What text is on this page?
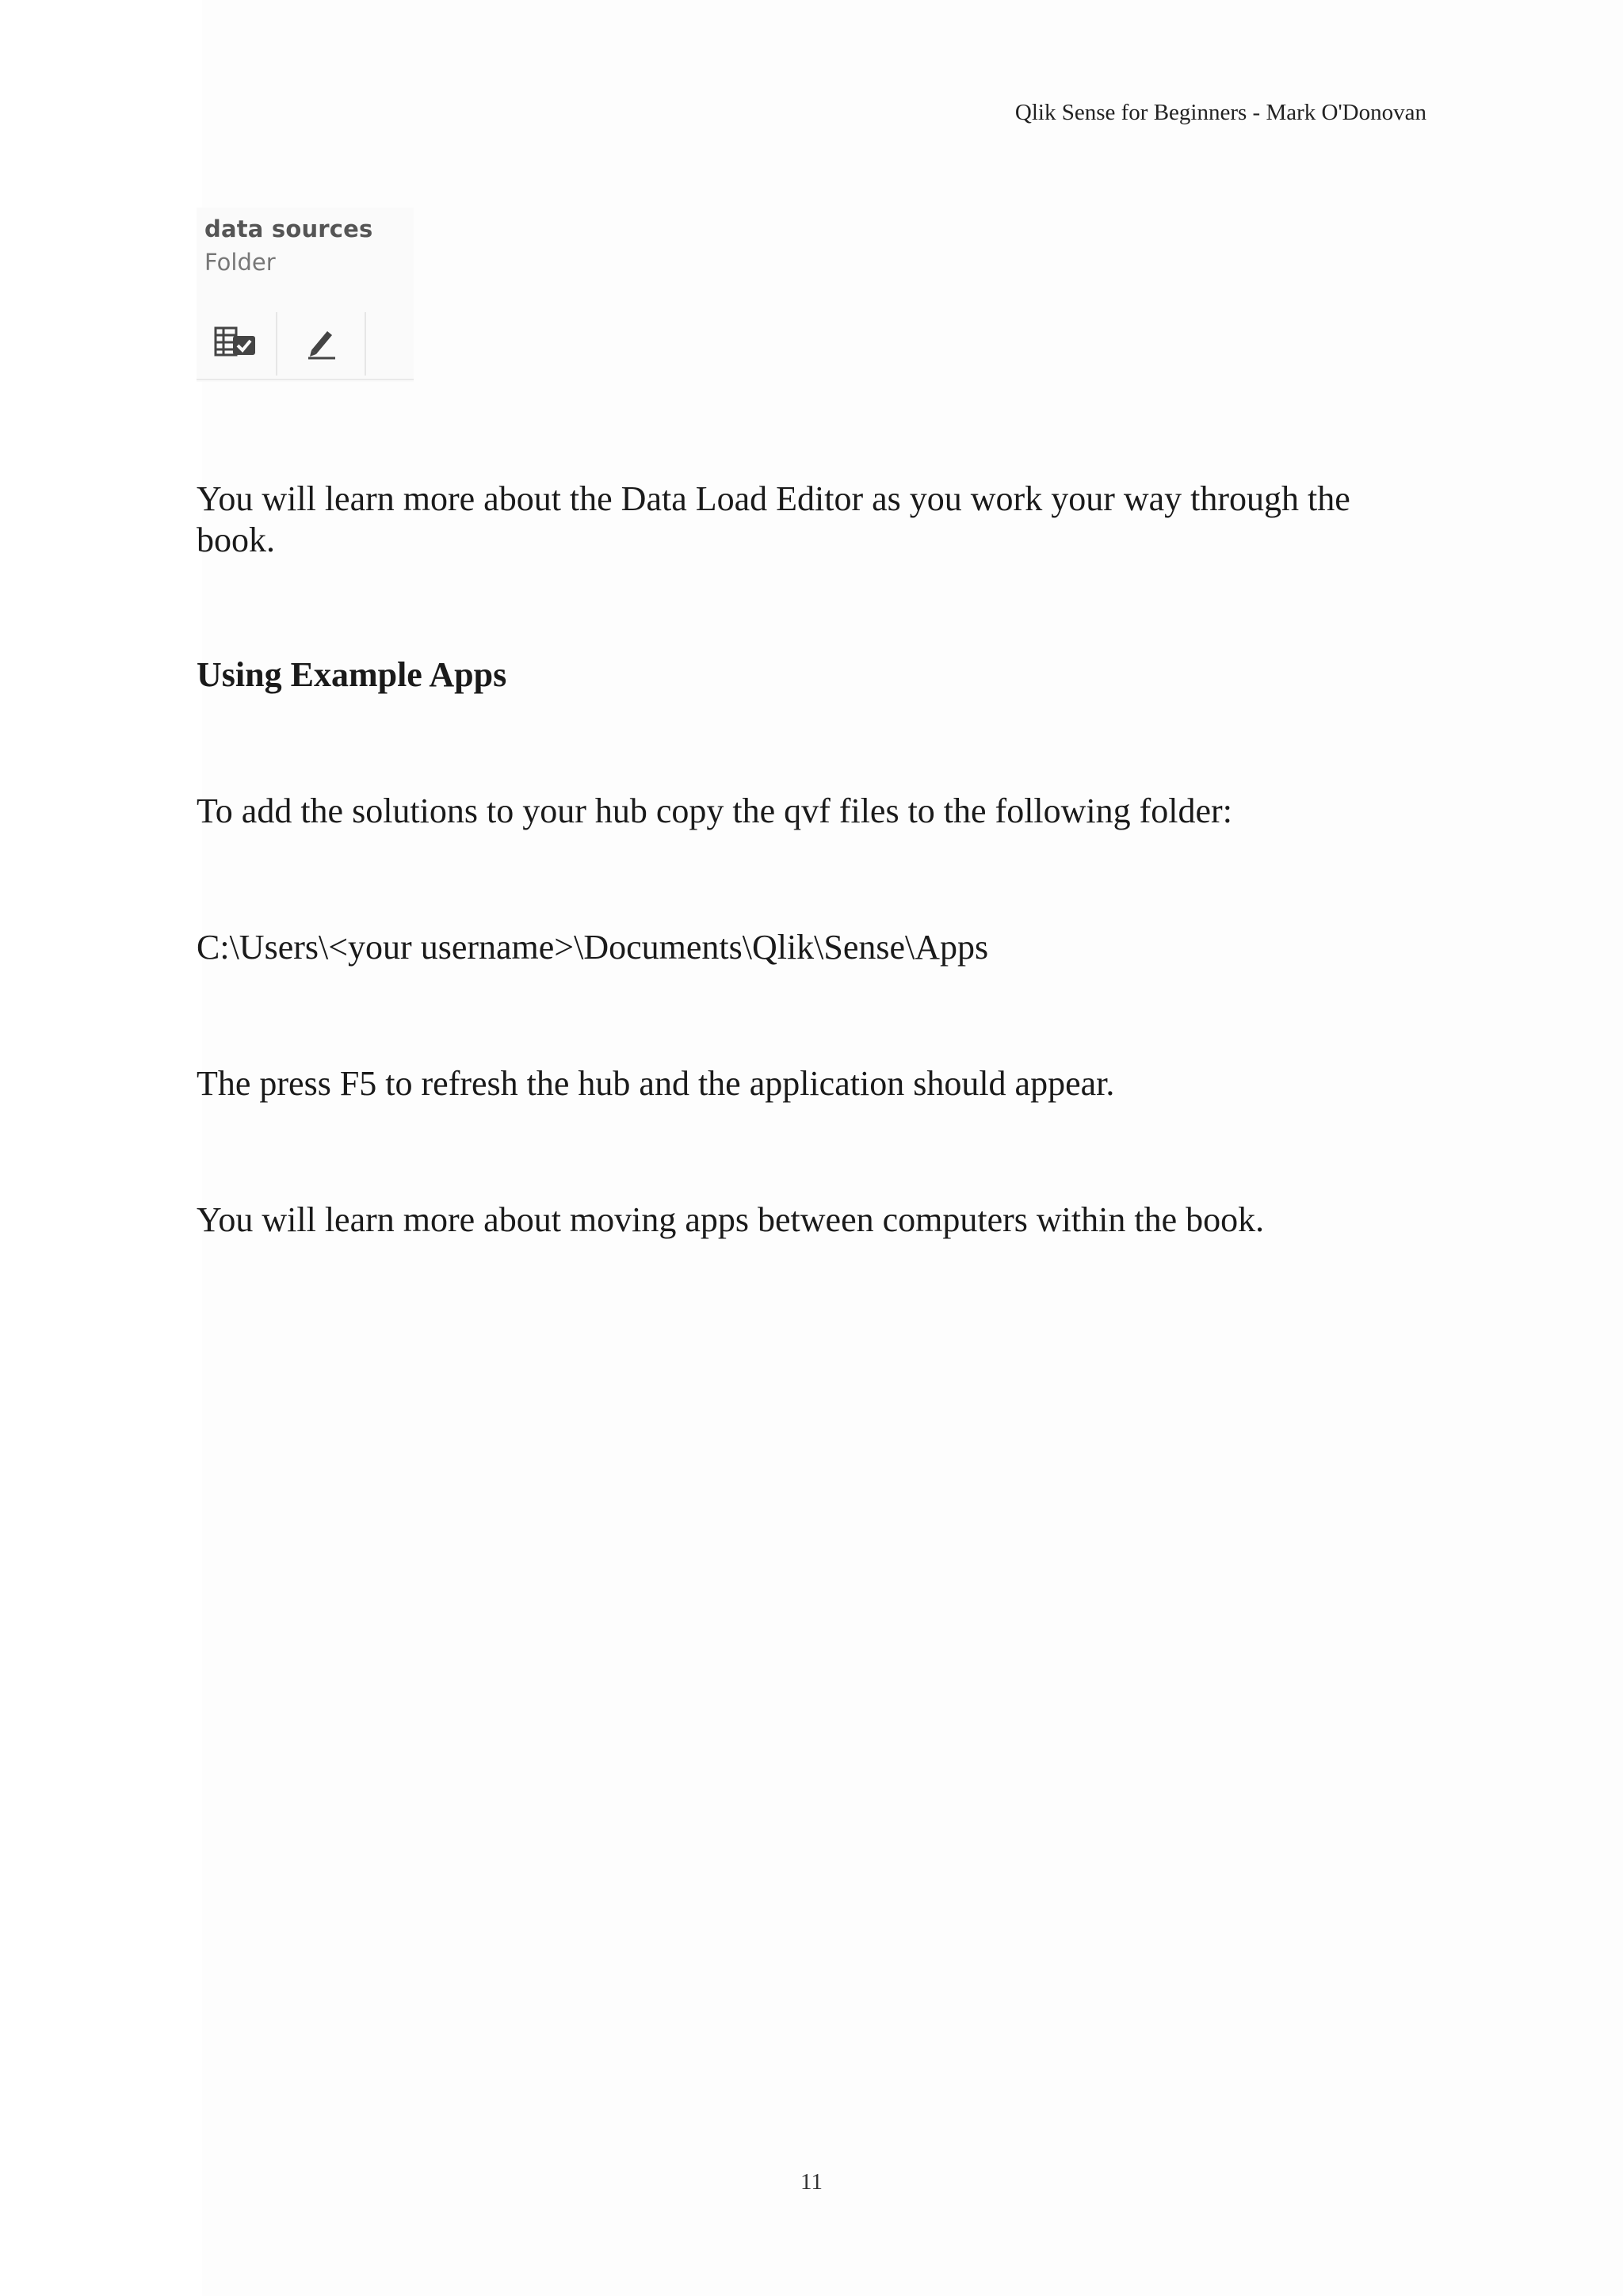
Qlik Sense for Beginners - Mark O'Donovan
data sources
Folder
You will learn more about the Data Load Editor as you work your way through the
book.
Using Example Apps
To add the solutions to your hub copy the qvf files to the following folder:
C:\Users\<your username>\Documents\Qlik\Sense\Apps
The press F5 to refresh the hub and the application should appear.
You will learn more about moving apps between computers within the book.
11
